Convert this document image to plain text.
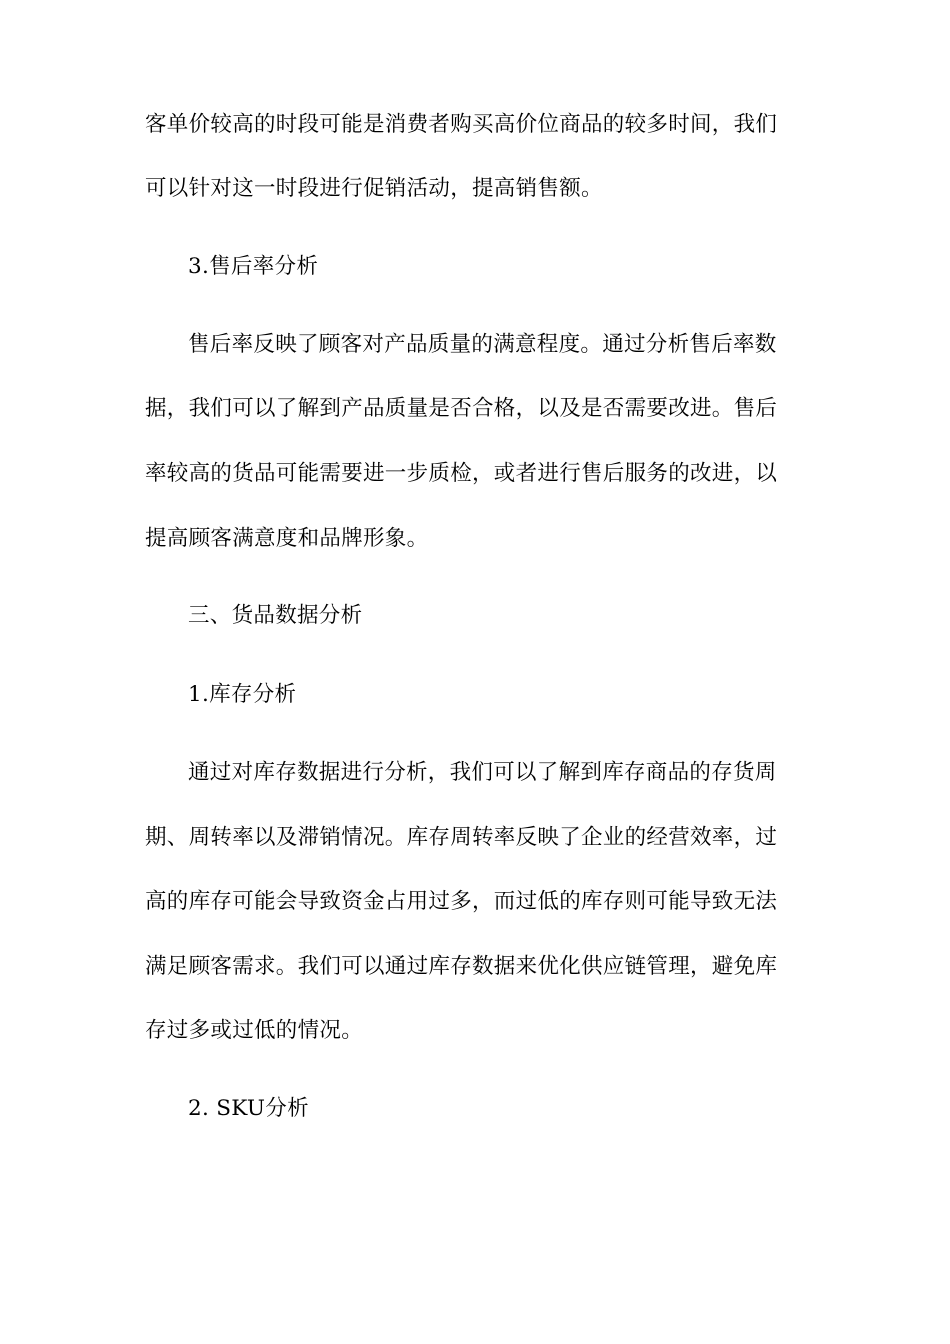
客单价较高的时段可能是消费者购买高价位商品的较多时间，我们
可以针对这一时段进行促销活动，提高销售额。
3.售后率分析
售后率反映了顾客对产品质量的满意程度。通过分析售后率数
据，我们可以了解到产品质量是否合格，以及是否需要改进。售后
率较高的货品可能需要进一步质检，或者进行售后服务的改进，以
提高顾客满意度和品牌形象。
三、货品数据分析
1.库存分析
通过对库存数据进行分析，我们可以了解到库存商品的存货周
期、周转率以及滞销情况。库存周转率反映了企业的经营效率，过
高的库存可能会导致资金占用过多，而过低的库存则可能导致无法
满足顾客需求。我们可以通过库存数据来优化供应链管理，避免库
存过多或过低的情况。
2. SKU分析
